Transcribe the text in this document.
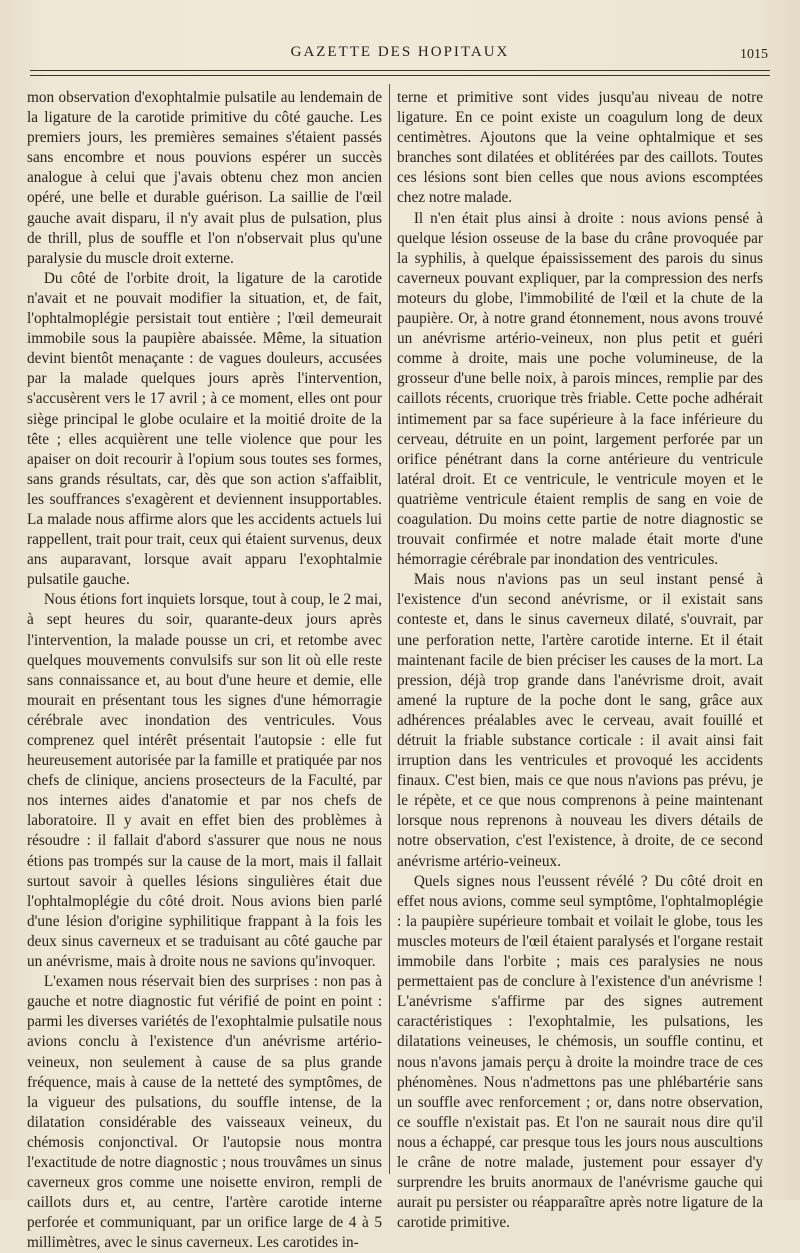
GAZETTE DES HOPITAUX	1015

mon observation d'exophtalmie pulsatile au lendemain de la ligature de la carotide primitive du côté gauche. Les premiers jours, les premières semaines s'étaient passés sans encombre et nous pouvions espérer un succès analogue à celui que j'avais obtenu chez mon ancien opéré, une belle et durable guérison. La saillie de l'œil gauche avait disparu, il n'y avait plus de pulsation, plus de thrill, plus de souffle et l'on n'observait plus qu'une paralysie du muscle droit externe.

Du côté de l'orbite droit, la ligature de la carotide n'avait et ne pouvait modifier la situation, et, de fait, l'ophtalmoplégie persistait tout entière ; l'œil demeurait immobile sous la paupière abaissée. Même, la situation devint bientôt menaçante : de vagues douleurs, accusées par la malade quelques jours après l'intervention, s'accusèrent vers le 17 avril ; à ce moment, elles ont pour siège principal le globe oculaire et la moitié droite de la tête ; elles acquièrent une telle violence que pour les apaiser on doit recourir à l'opium sous toutes ses formes, sans grands résultats, car, dès que son action s'affaiblit, les souffrances s'exagèrent et deviennent insupportables. La malade nous affirme alors que les accidents actuels lui rappellent, trait pour trait, ceux qui étaient survenus, deux ans auparavant, lorsque avait apparu l'exophtalmie pulsatile gauche.

Nous étions fort inquiets lorsque, tout à coup, le 2 mai, à sept heures du soir, quarante-deux jours après l'intervention, la malade pousse un cri, et retombe avec quelques mouvements convulsifs sur son lit où elle reste sans connaissance et, au bout d'une heure et demie, elle mourait en présentant tous les signes d'une hémorragie cérébrale avec inondation des ventricules. Vous comprenez quel intérêt présentait l'autopsie : elle fut heureusement autorisée par la famille et pratiquée par nos chefs de clinique, anciens prosecteurs de la Faculté, par nos internes aides d'anatomie et par nos chefs de laboratoire. Il y avait en effet bien des problèmes à résoudre : il fallait d'abord s'assurer que nous ne nous étions pas trompés sur la cause de la mort, mais il fallait surtout savoir à quelles lésions singulières était due l'ophtalmoplégie du côté droit. Nous avions bien parlé d'une lésion d'origine syphilitique frappant à la fois les deux sinus caverneux et se traduisant au côté gauche par un anévrisme, mais à droite nous ne savions qu'invoquer.

L'examen nous réservait bien des surprises : non pas à gauche et notre diagnostic fut vérifié de point en point : parmi les diverses variétés de l'exophtalmie pulsatile nous avions conclu à l'existence d'un anévrisme artério-veineux, non seulement à cause de sa plus grande fréquence, mais à cause de la netteté des symptômes, de la vigueur des pulsations, du souffle intense, de la dilatation considérable des vaisseaux veineux, du chémosis conjonctival. Or l'autopsie nous montra l'exactitude de notre diagnostic ; nous trouvâmes un sinus caverneux gros comme une noisette environ, rempli de caillots durs et, au centre, l'artère carotide interne perforée et communiquant, par un orifice large de 4 à 5 millimètres, avec le sinus caverneux. Les carotides in-

terne et primitive sont vides jusqu'au niveau de notre ligature. En ce point existe un coagulum long de deux centimètres. Ajoutons que la veine ophtalmique et ses branches sont dilatées et oblitérées par des caillots. Toutes ces lésions sont bien celles que nous avions escomptées chez notre malade.

Il n'en était plus ainsi à droite : nous avions pensé à quelque lésion osseuse de la base du crâne provoquée par la syphilis, à quelque épaississement des parois du sinus caverneux pouvant expliquer, par la compression des nerfs moteurs du globe, l'immobilité de l'œil et la chute de la paupière. Or, à notre grand étonnement, nous avons trouvé un anévrisme artério-veineux, non plus petit et guéri comme à droite, mais une poche volumineuse, de la grosseur d'une belle noix, à parois minces, remplie par des caillots récents, cruorique très friable. Cette poche adhérait intimement par sa face supérieure à la face inférieure du cerveau, détruite en un point, largement perforée par un orifice pénétrant dans la corne antérieure du ventricule latéral droit. Et ce ventricule, le ventricule moyen et le quatrième ventricule étaient remplis de sang en voie de coagulation. Du moins cette partie de notre diagnostic se trouvait confirmée et notre malade était morte d'une hémorragie cérébrale par inondation des ventricules.

Mais nous n'avions pas un seul instant pensé à l'existence d'un second anévrisme, or il existait sans conteste et, dans le sinus caverneux dilaté, s'ouvrait, par une perforation nette, l'artère carotide interne. Et il était maintenant facile de bien préciser les causes de la mort. La pression, déjà trop grande dans l'anévrisme droit, avait amené la rupture de la poche dont le sang, grâce aux adhérences préalables avec le cerveau, avait fouillé et détruit la friable substance corticale : il avait ainsi fait irruption dans les ventricules et provoqué les accidents finaux. C'est bien, mais ce que nous n'avions pas prévu, je le répète, et ce que nous comprenons à peine maintenant lorsque nous reprenons à nouveau les divers détails de notre observation, c'est l'existence, à droite, de ce second anévrisme artério-veineux.

Quels signes nous l'eussent révélé ? Du côté droit en effet nous avions, comme seul symptôme, l'ophtalmoplégie : la paupière supérieure tombait et voilait le globe, tous les muscles moteurs de l'œil étaient paralysés et l'organe restait immobile dans l'orbite ; mais ces paralysies ne nous permettaient pas de conclure à l'existence d'un anévrisme ! L'anévrisme s'affirme par des signes autrement caractéristiques : l'exophtalmie, les pulsations, les dilatations veineuses, le chémosis, un souffle continu, et nous n'avons jamais perçu à droite la moindre trace de ces phénomènes. Nous n'admettons pas une phlébartérie sans un souffle avec renforcement ; or, dans notre observation, ce souffle n'existait pas. Et l'on ne saurait nous dire qu'il nous a échappé, car presque tous les jours nous auscultions le crâne de notre malade, justement pour essayer d'y surprendre les bruits anormaux de l'anévrisme gauche qui aurait pu persister ou réapparaître après notre ligature de la carotide primitive.
